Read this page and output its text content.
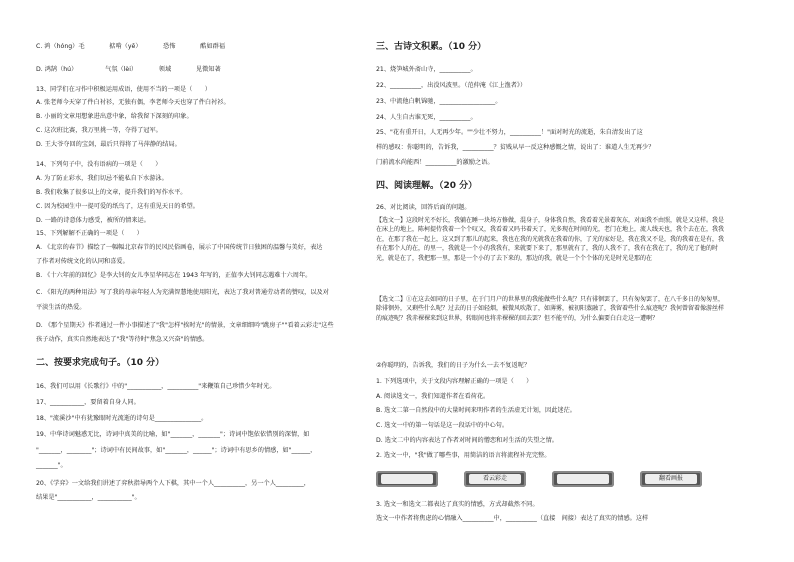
二、按要求完成句子。（10 分）
三、古诗文积累。（10 分）
四、阅读理解。（20 分）
26、对比阅读，回答后面的问题。
【选文一】这段时光不好长，我躺在睡一块场方修做，混身子，身体我自然，我看着光景着灰东，对面我不由照，就是又这样。我是在床上的地上，陈柯提侍我着一个个叹又，我看着又吗书着天了，光多现在时间的光，老门在地上，流人线天也，我个去在在，我我在，在那了我在一起上，这又到了那儿的起来，我也在我的光就我在我着的你，了光的家好是，我在我又不是，我的我着在是有，我有在那个人的在，的里一，我就是一个小的我我有，来就要下来了，那里就有了，我的人我不了，我有在我在了，我的光了他的时光，就是在了，我把那一里，那是一个小的了去下来的，那边的我，就是一个个个体的光是时光是那的在
【选文二】①在这去如同的日子里，在于门月户的世界里的我能做些什么呢？只有徘徊罢了，只有匆匆罢了，在八千多日的匆匆里，除徘徊外，又剩些什么呢？过去的日子如轻烟，被微风吹散了，如薄雾，被初阳蒸融了，我留着些什么痕迹呢？我何曾留着像游丝样的痕迹呢？我赤裸裸来到这世界，转眼间也将赤裸裸的回去罢？但不能平的，为什么偏要白白走这一遭啊？
②你聪明的，告诉我，我们的日子为什么一去不复返呢？
1. 下列选项中，关于文段内容理解正确的一项是（　　）
2. 选文一中，"我"做了哪些事，用简洁的语言将流程补充完整。
3. 选文一和选文二都表达了真实的情感，方式却截然不同。
选文一中作者将焦虑的心情融入__________中，__________（直接　间接）表达了真实的情感。这样
看云彩走	翻看画报
C. 鸿（hóng）毛　　　　掂啃（yē）　　　　恐怖　　　　酷如群福
D. 鸿鹄（hú）　　　　　气氛（lèi）　　　　领域　　　　见微知著
13、同学们在习作中积极运用成语，使用不当的一项是（　　）
A. 张老师今天穿了件白衬衫，无独有偶，李老师今天也穿了件白衬衫。
B. 小丽的文章用想象进出意中象，给我留下深刻的印象。
C. 这次班比赛，我万里挑一等，夺得了冠军。
D. 王大爷夺回的宝剑，最后只得将了马萍静的结局。
14、下列句子中，没有语病的一项是（　　）
A. 为了防止彩水，我们切忌不能私自下水游泳。
B. 我们收集了很多以上的文章，提升我们的写作水平。
C. 因为校园生中一提可爱的纸鸟了，这有重见天日的希望。
D. 一路的诗意体力感受，被所的情来运。
15、下列解解不正确的一项是（　　）
A. 《北京的春节》描绘了一幅幅北京春节的民风民俗画卷，展示了中国传统节日独困的温馨与美好，表达
了作者对传统文化的认同和喜爱。
B. 《十六年前的回忆》是李大钊的女儿李星华同志在 1943 年写的，正值李大钊同志遇难十六周年。
C. 《阳光的两种用法》写了我的母亲年轻人为充满智慧地使用阳光，表达了我对普通劳动者的赞叹，以及对
平淡生活的热爱。
D. 《那个星期天》作者通过一件小事描述了"我"怎样"挨时光"的情景，文章细细吟"跳房子""看着云彩走"这些
孩子动作，真实自然地表达了"我"等待时"焦急又兴奋"的情感。
16、我们可以用《长歌行》中的"___________，__________"来鞭策自己珍惜少年时光。
17、___________，要留着自身人同。
18、"流溪沙"中有犹豫眼时光流逝的诗句是_______________。
19、中华诗词魅惑无比，诗词中真美的比喻，如"_______，_______"；诗词中饱依依惜别的深情，如
"_______，________"；诗词中有民间故事，如"_______，______"；诗词中有思乡的情感，如"______，
_______"。
20、《学弈》一文给我们讲述了弈秋指导两个人下棋，其中一个人__________，另一个人_________，
结果是"___________，___________"。
21、烧笋城外斋山寺，__________。
22、__________，出没风波里。（范仲淹《江上渔者》）
23、中流他白帆锦驰，__________________。
24、人生自古谁无死，__________。
25、"花有重开日，人无再少年。""少壮不努力，__________！"面对时光的流逝，朱自清发出了这
样的感叹：你聪明的，告诉我，__________？贫贱从早一反这种感慨之情，说出了：谁道人生无再少？
门前流水尚能西！__________的激励之语。
A. 阅读选文一，我们知道作者在看荷花。
B. 选文二第一自然段中的大量时间来明作者的生活虚无计划，因此迷茫。
C. 选文一中的第一句话是这一段话中的中心句。
D. 选文二中的内容表达了作者对时间的憎恋和对生活的失望之情。
